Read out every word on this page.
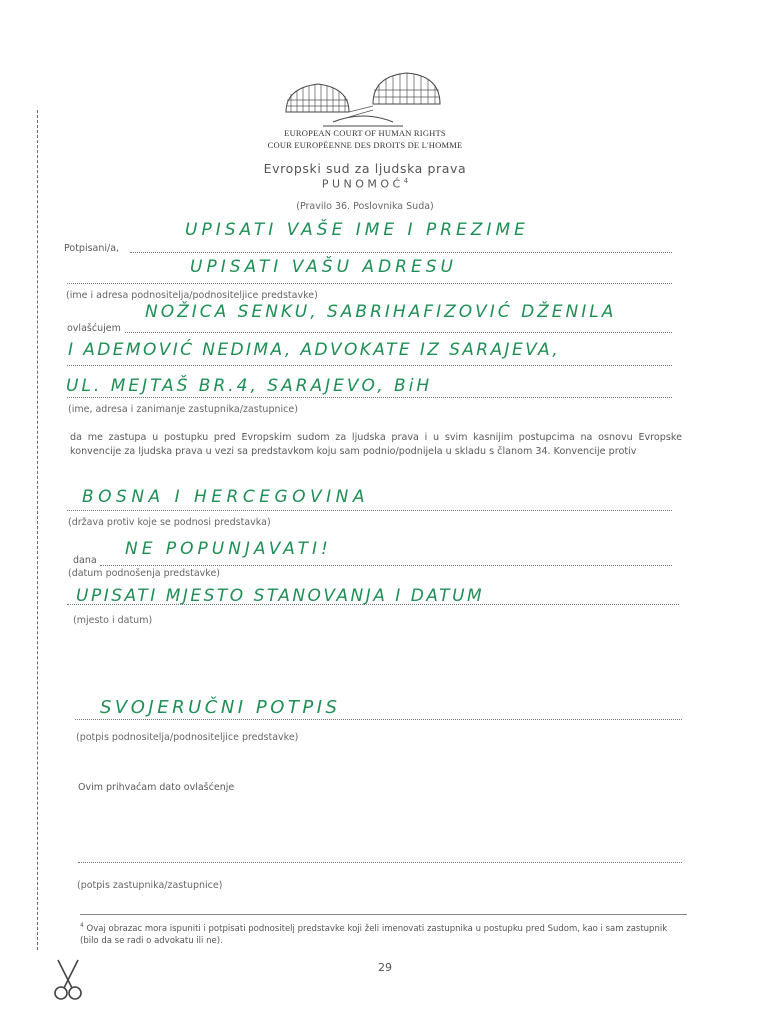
EUROPEAN COURT OF HUMAN RIGHTS
COUR EUROPÉENNE DES DROITS DE L'HOMME
Evropski sud za ljudska prava
PUNOMOĆ$^4$
(Pravilo 36. Poslovnika Suda)
Potpisani/a,
UPISATI VAŠE IME I PREZIME
UPISATI VAŠU ADRESU
(ime i adresa podnositelja/podnositeljice predstavke)
ovlašćujem
NOŽICA SENKU, SABRIHAFIZOVIĆ DŽENILA
I ADEMOVIĆ NEDIMA, ADVOKATE IZ SARAJEVA,
UL. MEJTAŠ BR.4, SARAJEVO, BiH
(ime, adresa i zanimanje zastupnika/zastupnice)
da me zastupa u postupku pred Evropskim sudom za ljudska prava i u svim kasnijim postupcima na osnovu Evropske konvencije za ljudska prava u vezi sa predstavkom koju sam podnio/podnijela u skladu s članom 34. Konvencije protiv
BOSNA I HERCEGOVINA
(država protiv koje se podnosi predstavka)
dana
NE POPUNJAVATI!
(datum podnošenja predstavke)
UPISATI MJESTO STANOVANJA I DATUM
(mjesto i datum)
SVOJERUČNI POTPIS
(potpis podnositelja/podnositeljice predstavke)
Ovim prihvaćam dato ovlašćenje
(potpis zastupnika/zastupnice)
$^4$ Ovaj obrazac mora ispuniti i potpisati podnositelj predstavke koji želi imenovati zastupnika u postupku pred Sudom, kao i sam zastupnik (bilo da se radi o advokatu ili ne).
29
